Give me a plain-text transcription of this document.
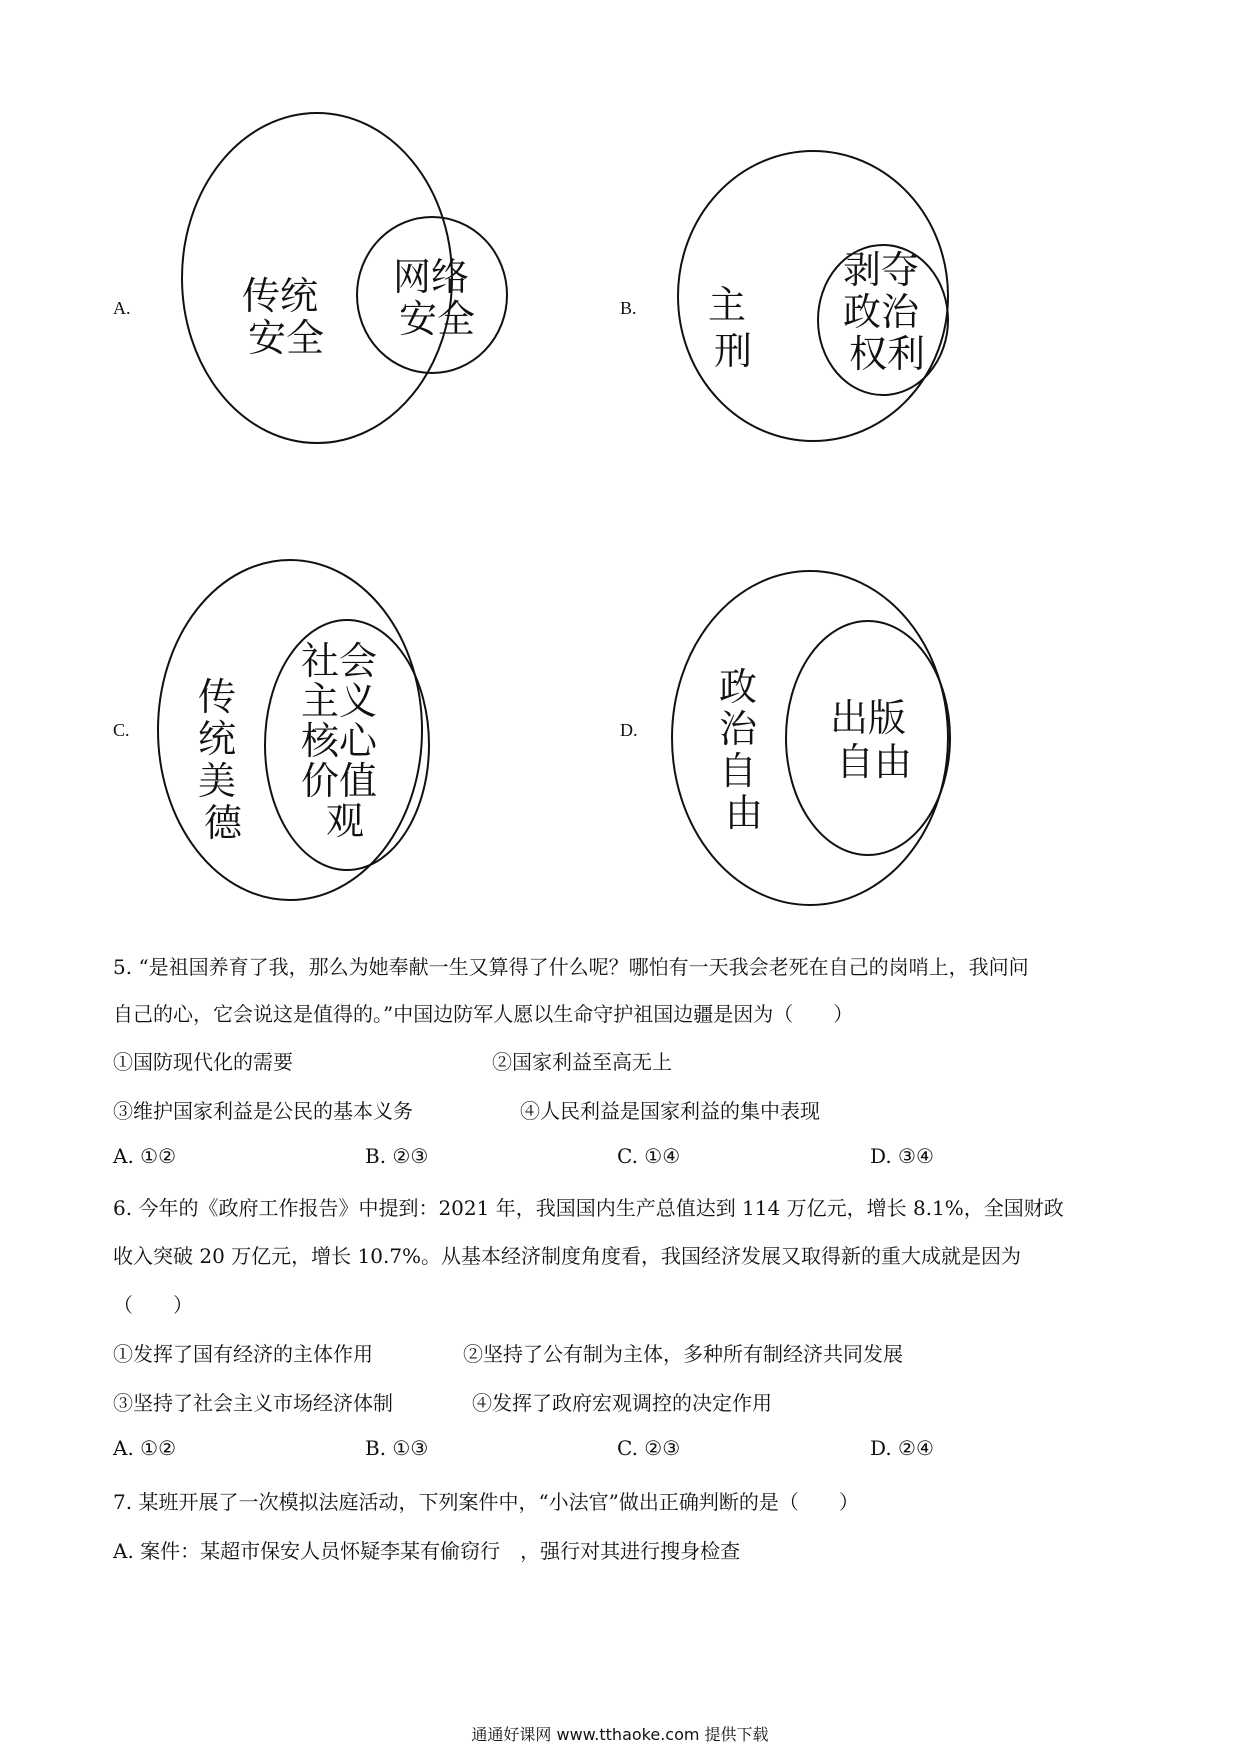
传统 安全
网络 安全	主 刑
剥夺 政治 权利
传 统 美 德
社会 主义 核心 价值 观
政 治 自 由
出版 自由
A.	B.
C.	D.
5. “是祖国养育了我，那么为她奉献一生又算得了什么呢？哪怕有一天我会老死在自己的岗哨上，我问问
自己的心，它会说这是值得的。”中国边防军人愿以生命守护祖国边疆是因为（　　）
①国防现代化的需要	②国家利益至高无上
③维护国家利益是公民的基本义务	④人民利益是国家利益的集中表现
A. ①②	B. ②③	C. ①④	D. ③④
6. 今年的《政府工作报告》中提到：2021 年，我国国内生产总值达到 114 万亿元，增长 8.1%，全国财政
收入突破 20 万亿元，增长 10.7%。从基本经济制度角度看，我国经济发展又取得新的重大成就是因为
（　　）
①发挥了国有经济的主体作用	②坚持了公有制为主体，多种所有制经济共同发展
③坚持了社会主义市场经济体制	④发挥了政府宏观调控的决定作用
A. ①②	B. ①③	C. ②③	D. ②④
7. 某班开展了一次模拟法庭活动，下列案件中，“小法官”做出正确判断的是（　　）
A. 案件：某超市保安人员怀疑李某有偷窃行　，强行对其进行搜身检查
通通好课网 www.tthaoke.com 提供下载
